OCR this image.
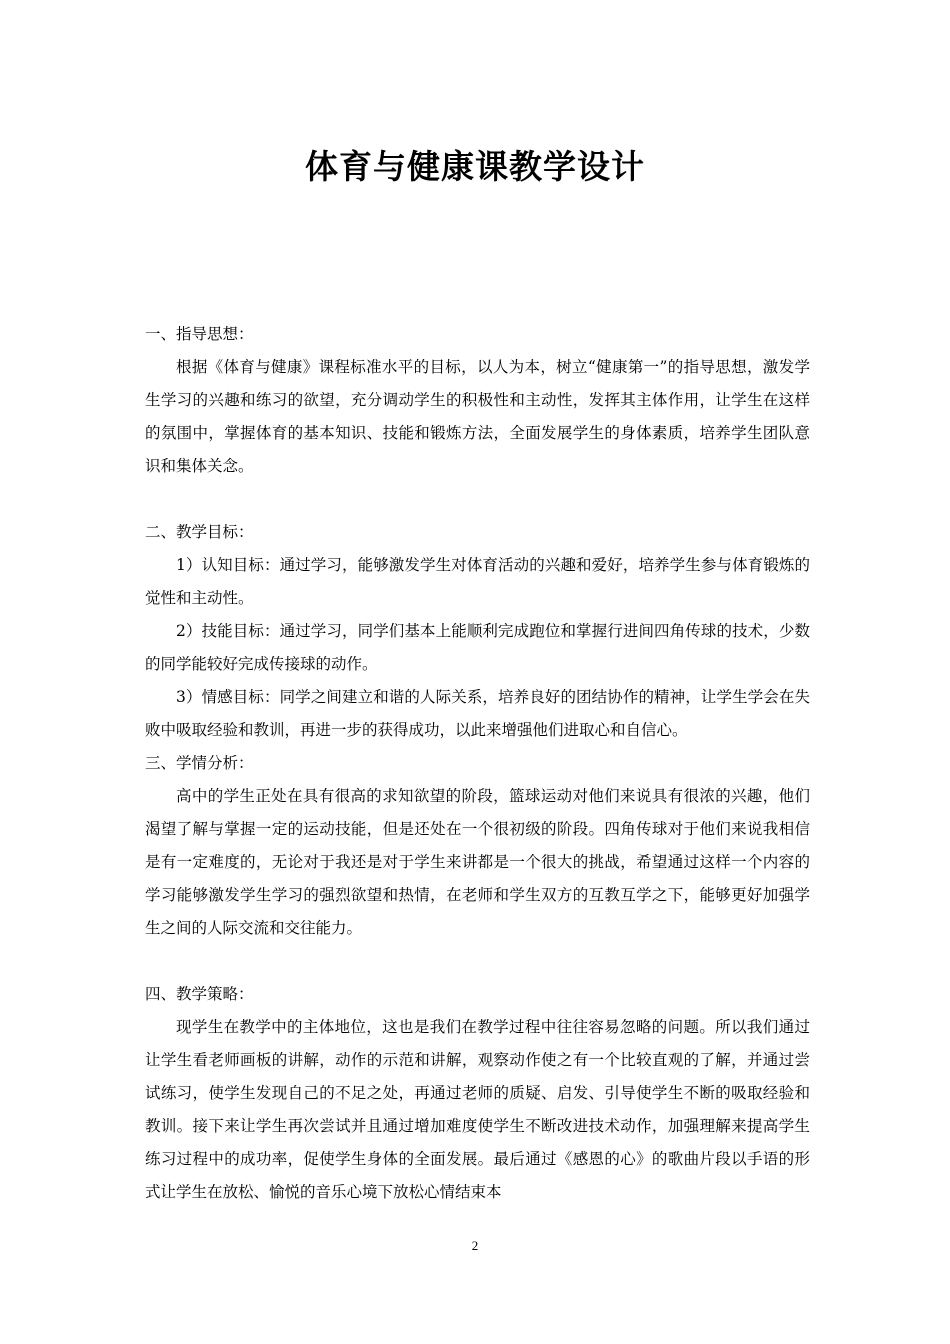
体育与健康课教学设计

一、指导思想：

根据《体育与健康》课程标准水平的目标，以人为本，树立“健康第一”的指导思想，激发学生学习的兴趣和练习的欲望，充分调动学生的积极性和主动性，发挥其主体作用，让学生在这样的氛围中，掌握体育的基本知识、技能和锻炼方法，全面发展学生的身体素质，培养学生团队意识和集体关念。

二、教学目标：

1）认知目标：通过学习，能够激发学生对体育活动的兴趣和爱好，培养学生参与体育锻炼的觉性和主动性。

2）技能目标：通过学习，同学们基本上能顺利完成跑位和掌握行进间四角传球的技术，少数的同学能较好完成传接球的动作。

3）情感目标：同学之间建立和谐的人际关系，培养良好的团结协作的精神，让学生学会在失败中吸取经验和教训，再进一步的获得成功，以此来增强他们进取心和自信心。

三、学情分析：

高中的学生正处在具有很高的求知欲望的阶段，篮球运动对他们来说具有很浓的兴趣，他们渴望了解与掌握一定的运动技能，但是还处在一个很初级的阶段。四角传球对于他们来说我相信是有一定难度的，无论对于我还是对于学生来讲都是一个很大的挑战，希望通过这样一个内容的学习能够激发学生学习的强烈欲望和热情，在老师和学生双方的互教互学之下，能够更好加强学生之间的人际交流和交往能力。

四、教学策略：

现学生在教学中的主体地位，这也是我们在教学过程中往往容易忽略的问题。所以我们通过让学生看老师画板的讲解，动作的示范和讲解，观察动作使之有一个比较直观的了解，并通过尝试练习，使学生发现自己的不足之处，再通过老师的质疑、启发、引导使学生不断的吸取经验和教训。接下来让学生再次尝试并且通过增加难度使学生不断改进技术动作，加强理解来提高学生练习过程中的成功率，促使学生身体的全面发展。最后通过《感恩的心》的歌曲片段以手语的形式让学生在放松、愉悦的音乐心境下放松心情结束本

2
